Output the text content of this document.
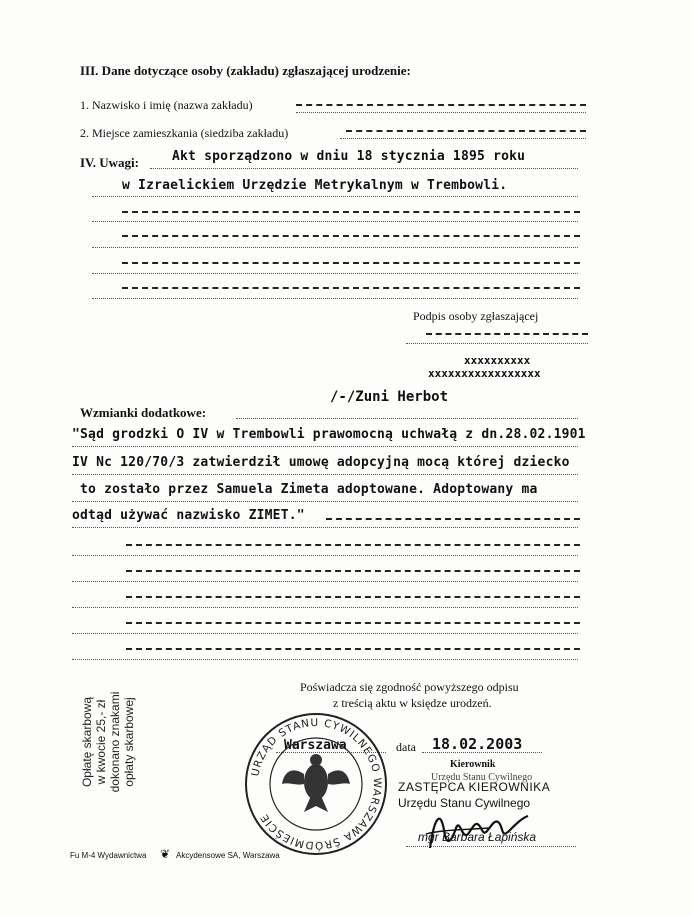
III. Dane dotyczące osoby (zakładu) zgłaszającej urodzenie:
1. Nazwisko i imię (nazwa zakładu)
2. Miejsce zamieszkania (siedziba zakładu)
IV. Uwagi:	Akt sporządzono w dniu 18 stycznia 1895 roku
w Izraelickiem Urzędzie Metrykalnym w Trembowli.
Podpis osoby zgłaszającej
xxxxxxxxxx
xxxxxxxxxxxxxxxxx
/-/Zuni Herbot
Wzmianki dodatkowe:
"Sąd grodzki O IV w Trembowli prawomocną uchwałą z dn.28.02.1901
IV Nc 120/70/3 zatwierdził umowę adopcyjną mocą której dziecko
to zostało przez Samuela Zimeta adoptowane. Adoptowany ma
odtąd używać nazwisko ZIMET."
Opłatę skarbową w kwocie 25,- zł dokonano znakami opłaty skarbowej
Poświadcza się zgodność powyższego odpisu
z treścią aktu w księdze urodzeń.
Warszawa	data 18.02.2003
Kierownik
Urzędu Stanu Cywilnego
ZASTĘPCA KIEROWNIKA
Urzędu Stanu Cywilnego
mgr Barbara Łapińska
URZĄD STANU CYWILNEGO WARSZAWA ŚRÓDMIEŚCIE
Fu M-4 Wydawnictwa ❦ Akcydensowe SA, Warszawa
